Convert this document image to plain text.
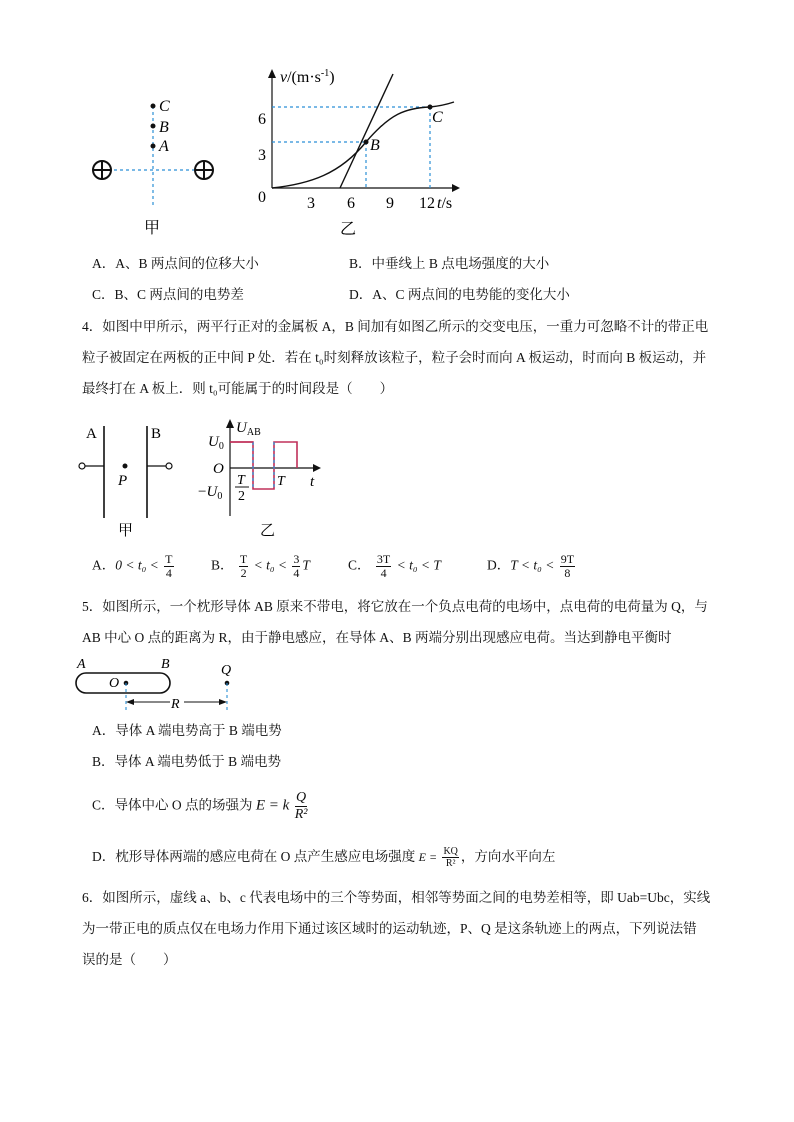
C
B
A
甲
$v/(m\cdot s^{-1})$
6
3
0	3 6 9 12 t/s
B
C
乙
A．A、B 两点间的位移大小	B．中垂线上 B 点电场强度的大小
C．B、C 两点间的电势差	D．A、C 两点间的电势能的变化大小
4．如图中甲所示，两平行正对的金属板 A，B 间加有如图乙所示的交变电压，一重力可忽略不计的带正电
粒子被固定在两板的正中间 P 处．若在 t₀时刻释放该粒子，粒子会时而向 A 板运动，时而向 B 板运动，并
最终打在 A 板上．则 t₀可能属于的时间段是（　　）
A	B
P
甲
$U_{AB}$
$U_0$
O
$-U_0$
t
T
2
T
乙
A．$0 < t_0 < \frac{T}{4}$	B． $\frac{T}{2} < t_0 < \frac{3}{4}$ T	C． $\frac{3T}{4} < t_0 < T$	D．$T < t_0 < \frac{9T}{8}$
5．如图所示，一个枕形导体 AB 原来不带电，将它放在一个负点电荷的电场中，点电荷的电荷量为 Q，与
AB 中心 O 点的距离为 R，由于静电感应，在导体 A、B 两端分别出现感应电荷。当达到静电平衡时
A	B	Q
O
R
A．导体 A 端电势高于 B 端电势
B．导体 A 端电势低于 B 端电势
C．导体中心 O 点的场强为 E = k $\frac{Q}{\text{R²}}$
D．枕形导体两端的感应电荷在 O 点产生感应电场强度 $E = \frac{KQ}{\text{R²}}$ ，方向水平向左
6．如图所示，虚线 a、b、c 代表电场中的三个等势面，相邻等势面之间的电势差相等，即 Uab=Ubc，实线
为一带正电的质点仅在电场力作用下通过该区域时的运动轨迹，P、Q 是这条轨迹上的两点，下列说法错
误的是（　　）
